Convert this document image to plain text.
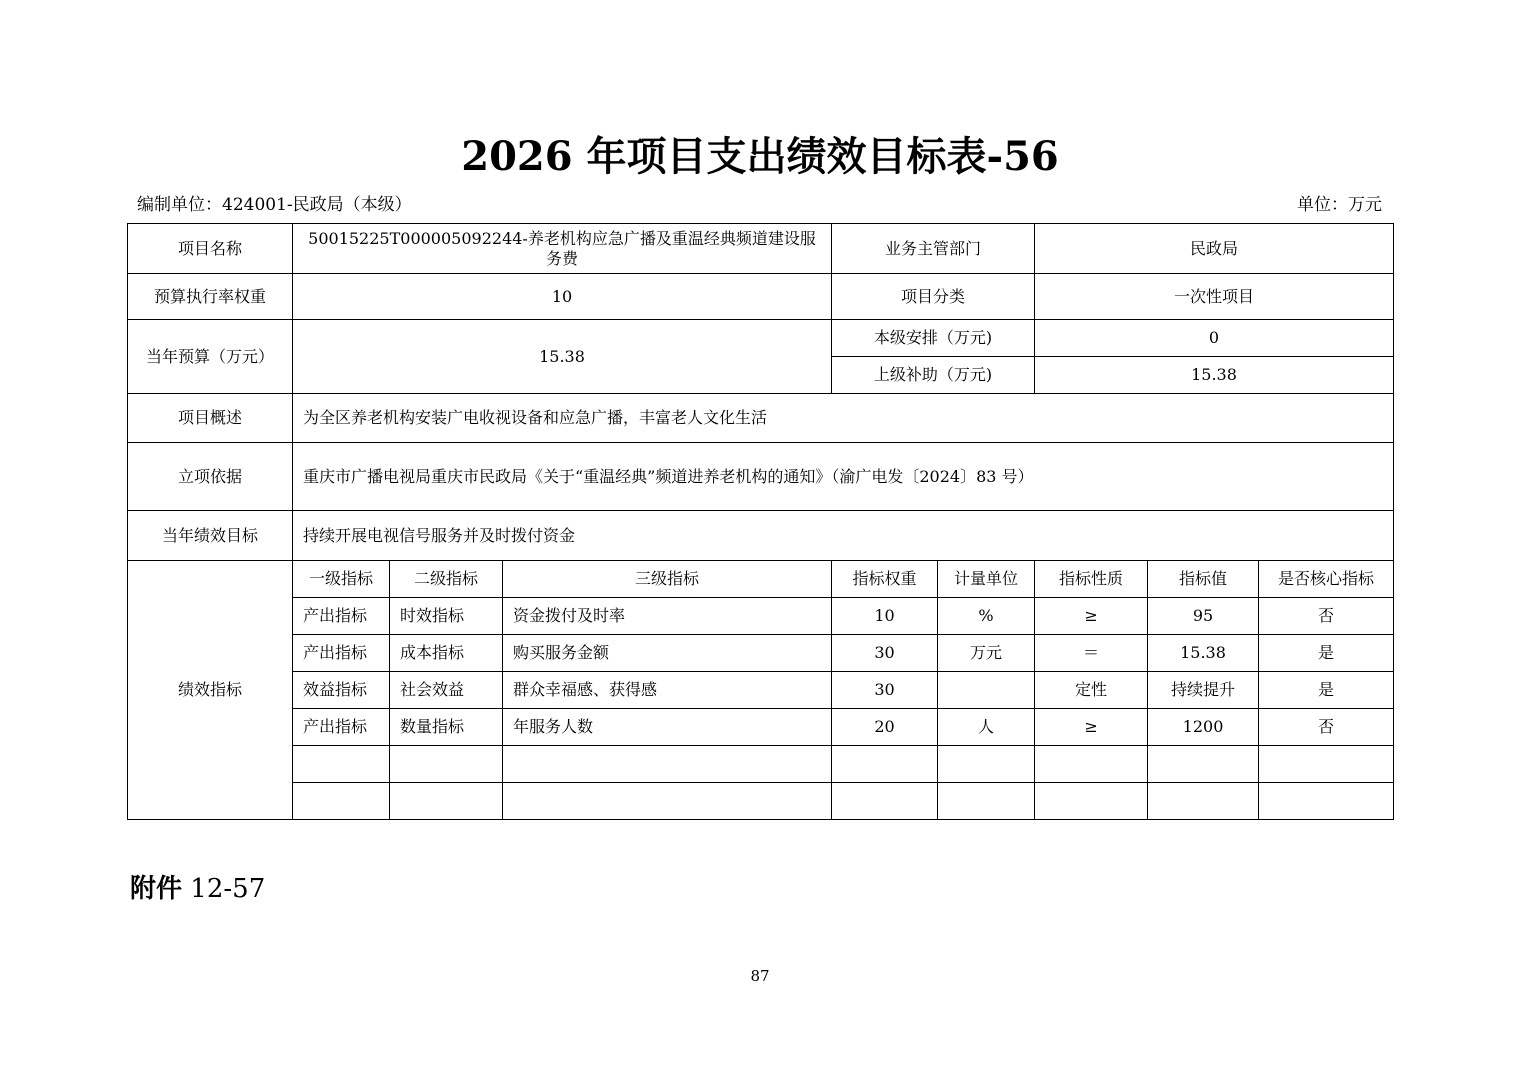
2026 年项目支出绩效目标表-56
编制单位：424001-民政局（本级）	单位：万元
项目名称	50015225T000005092244-养老机构应急广播及重温经典频道建设服务费			业务主管部门		民政局		
预算执行率权重	10			项目分类		一次性项目		
当年预算（万元）	15.38			本级安排（万元)		0		
				上级补助（万元)		15.38		
项目概述	为全区养老机构安装广电收视设备和应急广播，丰富老人文化生活							
立项依据	重庆市广播电视局重庆市民政局《关于“重温经典”频道进养老机构的通知》（渝广电发〔2024〕83 号）							
当年绩效目标	持续开展电视信号服务并及时拨付资金							
绩效指标	一级指标	二级指标	三级指标	指标权重	计量单位	指标性质	指标值	是否核心指标
	产出指标	时效指标	资金拨付及时率	10	%	≥	95	否
	产出指标	成本指标	购买服务金额	30	万元	＝	15.38	是
	效益指标	社会效益	群众幸福感、获得感	30		定性	持续提升	是
	产出指标	数量指标	年服务人数	20	人	≥	1200	否

附件 12-57
87
